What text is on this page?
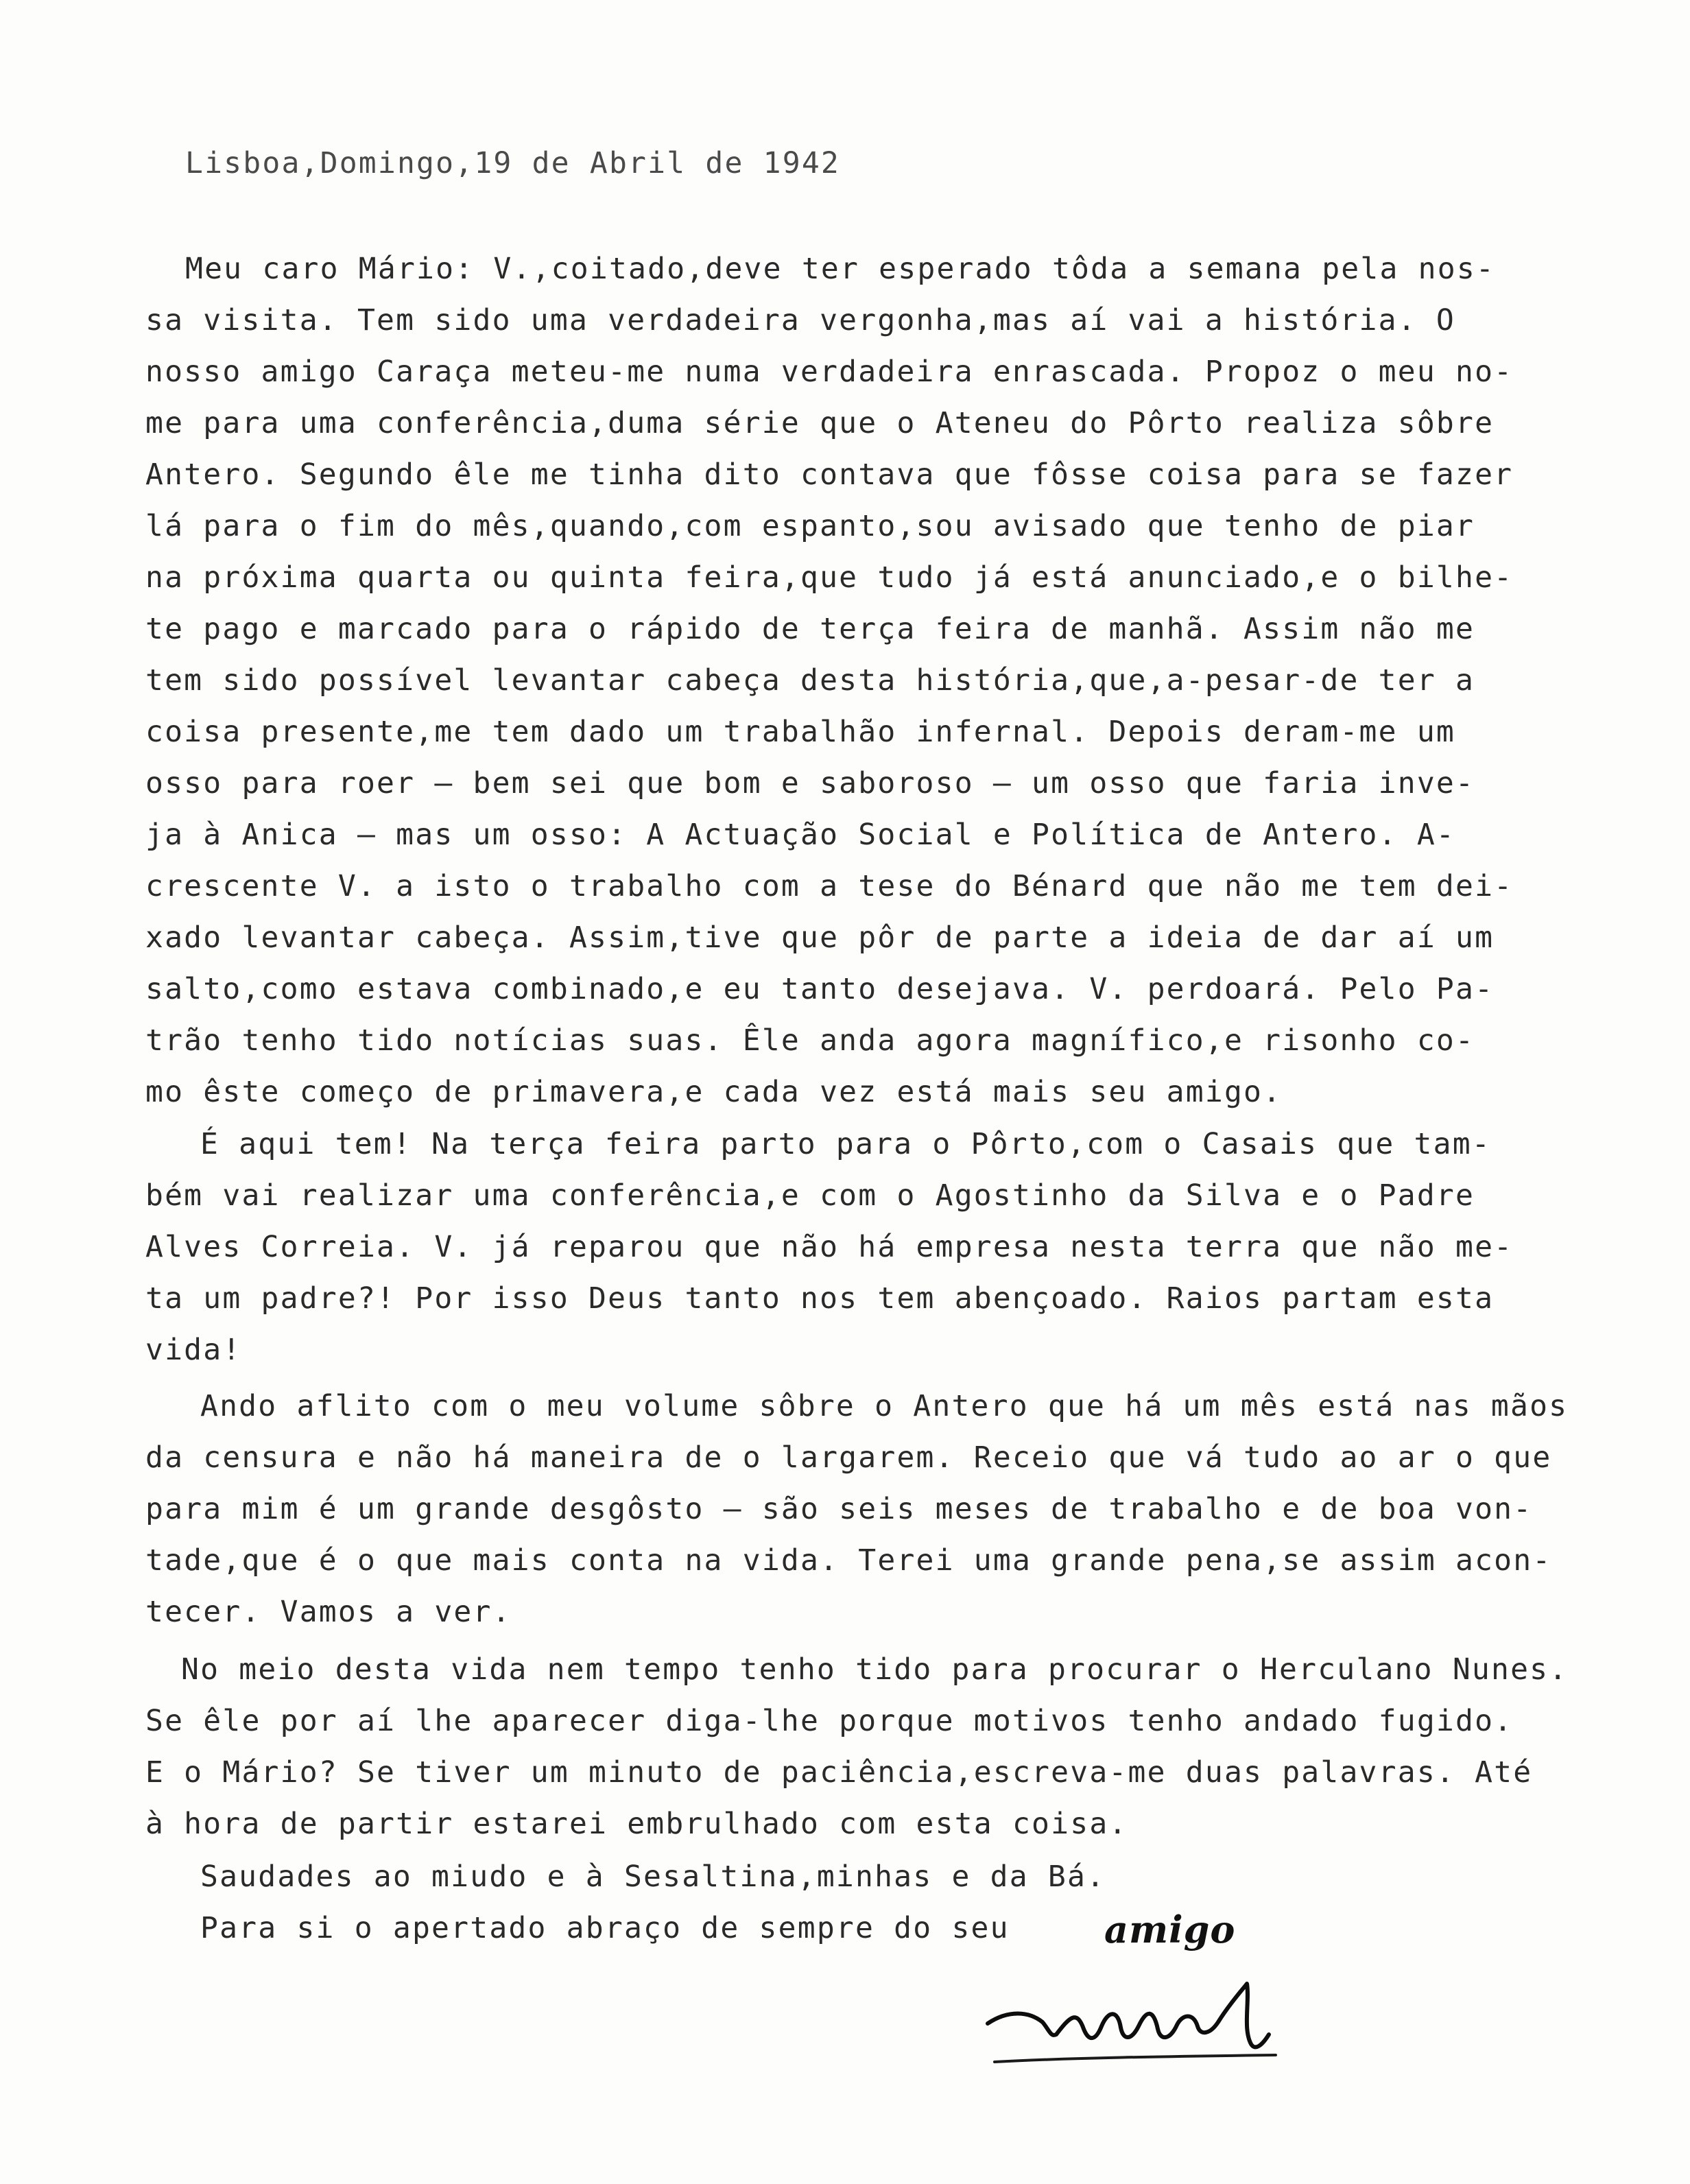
Lisboa,Domingo,19 de Abril de 1942
Meu caro Mário: V.,coitado,deve ter esperado tôda a semana pela nos-
sa visita. Tem sido uma verdadeira vergonha,mas aí vai a história. O
nosso amigo Caraça meteu-me numa verdadeira enrascada. Propoz o meu no-
me para uma conferência,duma série que o Ateneu do Pôrto realiza sôbre
Antero. Segundo êle me tinha dito contava que fôsse coisa para se fazer
lá para o fim do mês,quando,com espanto,sou avisado que tenho de piar
na próxima quarta ou quinta feira,que tudo já está anunciado,e o bilhe-
te pago e marcado para o rápido de terça feira de manhã. Assim não me
tem sido possível levantar cabeça desta história,que,a-pesar-de ter a
coisa presente,me tem dado um trabalhão infernal. Depois deram-me um
osso para roer — bem sei que bom e saboroso — um osso que faria inve-
ja à Anica — mas um osso: A Actuação Social e Política de Antero. A-
crescente V. a isto o trabalho com a tese do Bénard que não me tem dei-
xado levantar cabeça. Assim,tive que pôr de parte a ideia de dar aí um
salto,como estava combinado,e eu tanto desejava. V. perdoará. Pelo Pa-
trão tenho tido notícias suas. Êle anda agora magnífico,e risonho co-
mo êste começo de primavera,e cada vez está mais seu amigo.
É aqui tem! Na terça feira parto para o Pôrto,com o Casais que tam-
bém vai realizar uma conferência,e com o Agostinho da Silva e o Padre
Alves Correia. V. já reparou que não há empresa nesta terra que não me-
ta um padre?! Por isso Deus tanto nos tem abençoado. Raios partam esta
vida!
Ando aflito com o meu volume sôbre o Antero que há um mês está nas mãos
da censura e não há maneira de o largarem. Receio que vá tudo ao ar o que
para mim é um grande desgôsto — são seis meses de trabalho e de boa von-
tade,que é o que mais conta na vida. Terei uma grande pena,se assim acon-
tecer. Vamos a ver.
No meio desta vida nem tempo tenho tido para procurar o Herculano Nunes.
Se êle por aí lhe aparecer diga-lhe porque motivos tenho andado fugido.
E o Mário? Se tiver um minuto de paciência,escreva-me duas palavras. Até
à hora de partir estarei embrulhado com esta coisa.
Saudades ao miudo e à Sesaltina,minhas e da Bá.
Para si o apertado abraço de sempre do seu	amigo
